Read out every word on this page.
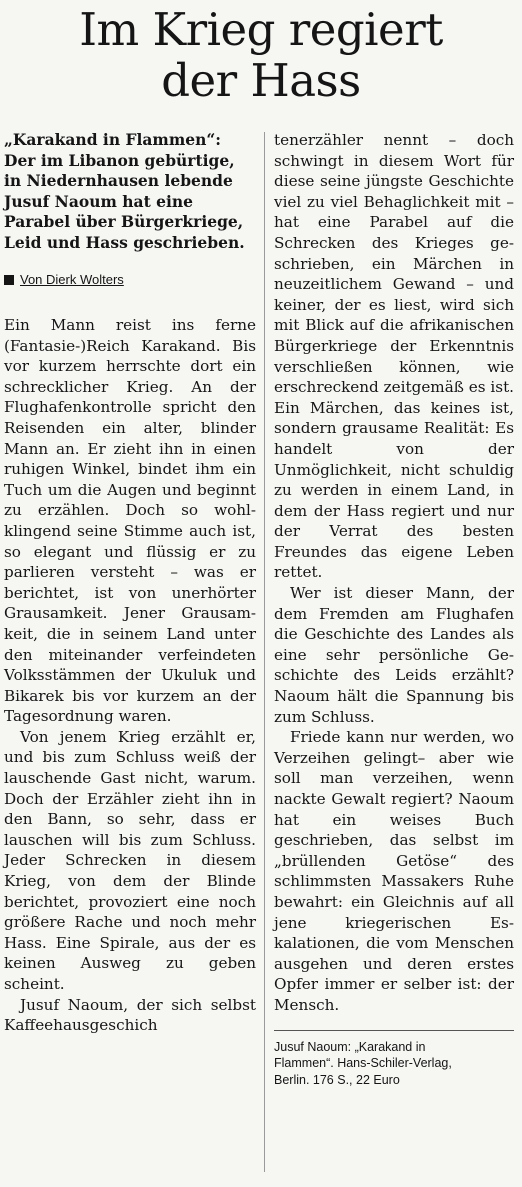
Im Krieg regiert
der Hass

„Karakand in Flammen“: Der im Libanon gebürtige, in Niedernhausen lebende Jusuf Naoum hat eine Parabel über Bürgerkriege, Leid und Hass geschrieben.

Von Dierk Wolters

Ein Mann reist ins ferne (Fantasie-)Reich Karakand. Bis vor kurzem herrschte dort ein schrecklicher Krieg. An der Flughafenkontrolle spricht den Reisenden ein alter, blinder Mann an. Er zieht ihn in einen ruhigen Winkel, bindet ihm ein Tuch um die Augen und beginnt zu erzählen. Doch so wohlklingend seine Stimme auch ist, so elegant und flüssig er zu parlieren versteht – was er berichtet, ist von unerhörter Grausamkeit. Jener Grausamkeit, die in seinem Land unter den miteinander verfeindeten Volksstämmen der Ukuluk und Bikarek bis vor kurzem an der Tagesordnung waren.

Von jenem Krieg erzählt er, und bis zum Schluss weiß der lauschende Gast nicht, warum. Doch der Erzähler zieht ihn in den Bann, so sehr, dass er lauschen will bis zum Schluss. Jeder Schrecken in diesem Krieg, von dem der Blinde berichtet, provoziert eine noch größere Rache und noch mehr Hass. Eine Spirale, aus der es keinen Ausweg zu geben scheint.

Jusuf Naoum, der sich selbst Kaffeehausgeschich

tenerzähler nennt – doch schwingt in diesem Wort für diese seine jüngste Geschichte viel zu viel Behaglichkeit mit – hat eine Parabel auf die Schrecken des Krieges geschrieben, ein Märchen in neuzeitlichem Gewand – und keiner, der es liest, wird sich mit Blick auf die afrikanischen Bürgerkriege der Erkenntnis verschließen können, wie erschreckend zeitgemäß es ist. Ein Märchen, das keines ist, sondern grausame Realität: Es handelt von der Unmöglichkeit, nicht schuldig zu werden in einem Land, in dem der Hass regiert und nur der Verrat des besten Freundes das eigene Leben rettet.

Wer ist dieser Mann, der dem Fremden am Flughafen die Geschichte des Landes als eine sehr persönliche Geschichte des Leids erzählt? Naoum hält die Spannung bis zum Schluss.

Friede kann nur werden, wo Verzeihen gelingt– aber wie soll man verzeihen, wenn nackte Gewalt regiert? Naoum hat ein weises Buch geschrieben, das selbst im „brüllenden Getöse“ des schlimmsten Massakers Ruhe bewahrt: ein Gleichnis auf all jene kriegerischen Eskalationen, die vom Menschen ausgehen und deren erstes Opfer immer er selber ist: der Mensch.

Jusuf Naoum: „Karakand in
Flammen“. Hans-Schiler-Verlag,
Berlin. 176 S., 22 Euro
